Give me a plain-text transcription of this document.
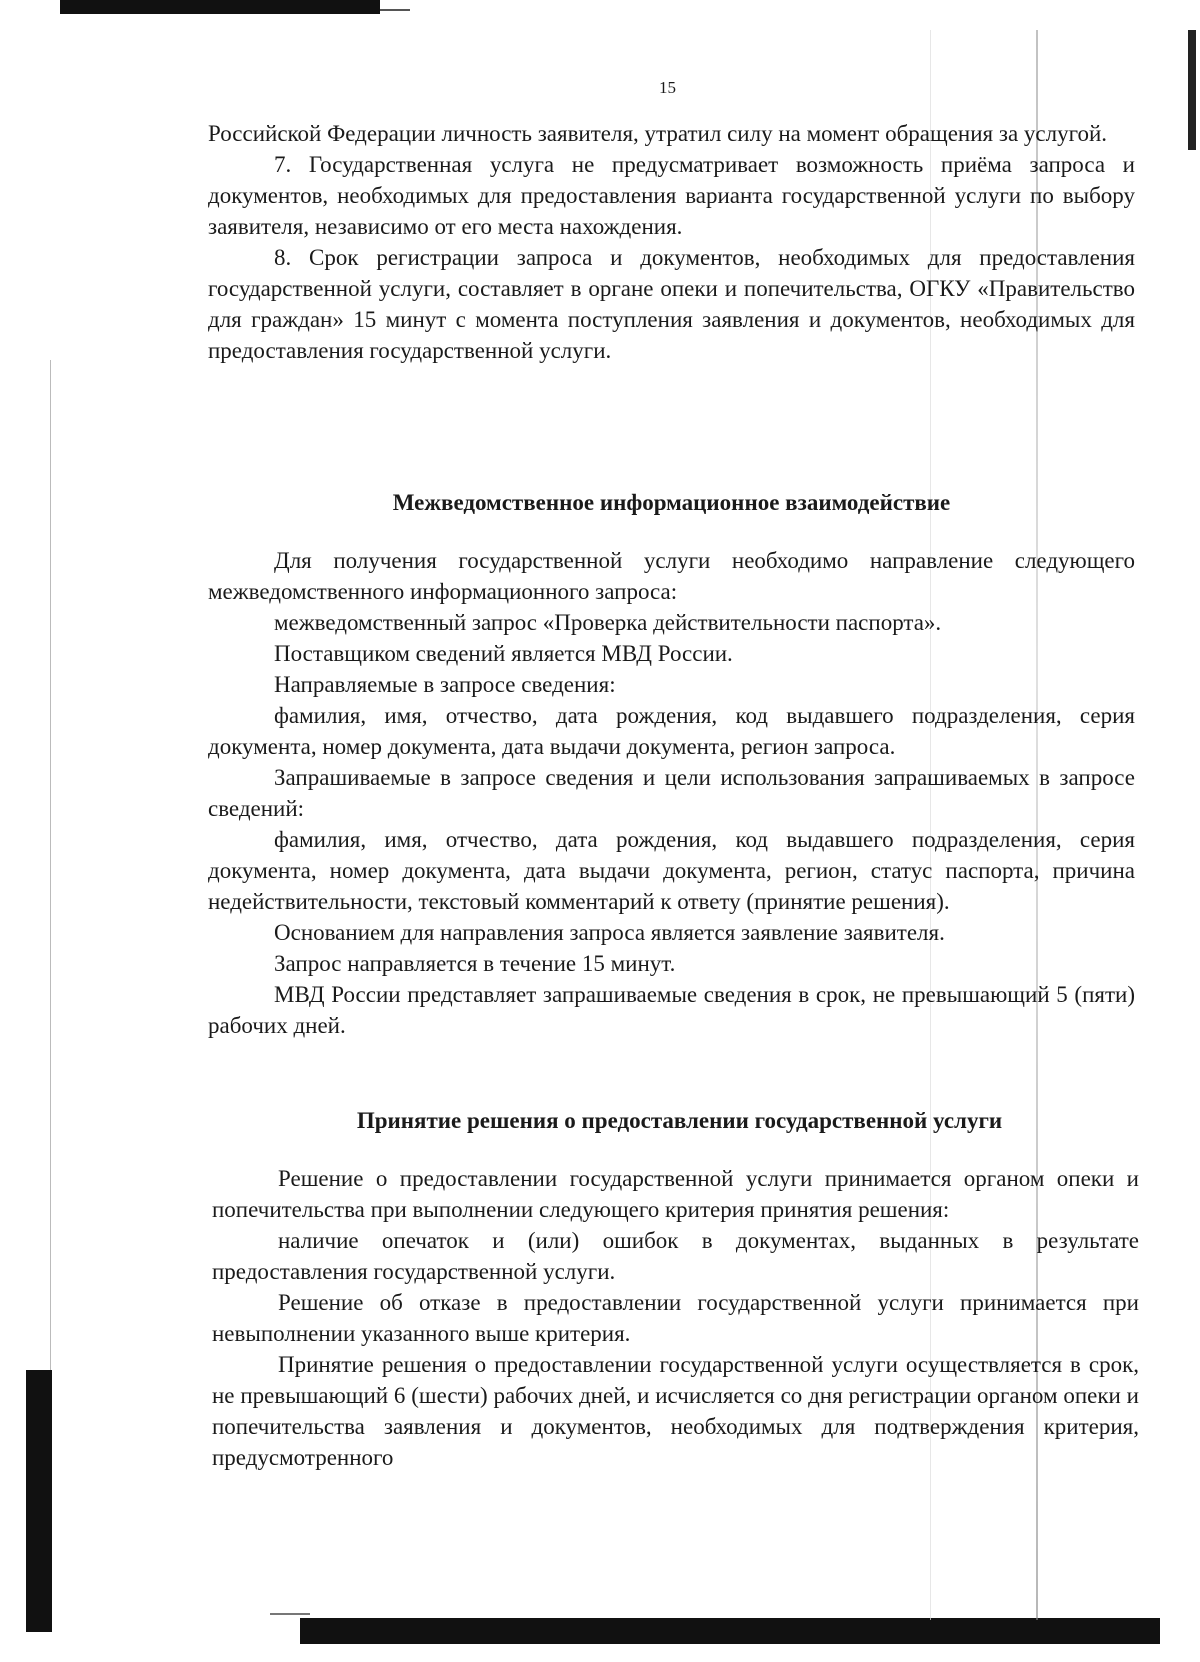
15

Российской Федерации личность заявителя, утратил силу на момент обращения за услугой.

7. Государственная услуга не предусматривает возможность приёма запроса и документов, необходимых для предоставления варианта государственной услуги по выбору заявителя, независимо от его места нахождения.

8. Срок регистрации запроса и документов, необходимых для предоставления государственной услуги, составляет в органе опеки и попечительства, ОГКУ «Правительство для граждан» 15 минут с момента поступления заявления и документов, необходимых для предоставления государственной услуги.

Межведомственное информационное взаимодействие

Для получения государственной услуги необходимо направление следующего межведомственного информационного запроса:

межведомственный запрос «Проверка действительности паспорта».

Поставщиком сведений является МВД России.

Направляемые в запросе сведения:

фамилия, имя, отчество, дата рождения, код выдавшего подразделения, серия документа, номер документа, дата выдачи документа, регион запроса.

Запрашиваемые в запросе сведения и цели использования запрашиваемых в запросе сведений:

фамилия, имя, отчество, дата рождения, код выдавшего подразделения, серия документа, номер документа, дата выдачи документа, регион, статус паспорта, причина недействительности, текстовый комментарий к ответу (принятие решения).

Основанием для направления запроса является заявление заявителя.

Запрос направляется в течение 15 минут.

МВД России представляет запрашиваемые сведения в срок, не превышающий 5 (пяти) рабочих дней.

Принятие решения о предоставлении государственной услуги

Решение о предоставлении государственной услуги принимается органом опеки и попечительства при выполнении следующего критерия принятия решения:

наличие опечаток и (или) ошибок в документах, выданных в результате предоставления государственной услуги.

Решение об отказе в предоставлении государственной услуги принимается при невыполнении указанного выше критерия.

Принятие решения о предоставлении государственной услуги осуществляется в срок, не превышающий 6 (шести) рабочих дней, и исчисляется со дня регистрации органом опеки и попечительства заявления и документов, необходимых для подтверждения критерия, предусмотренного
